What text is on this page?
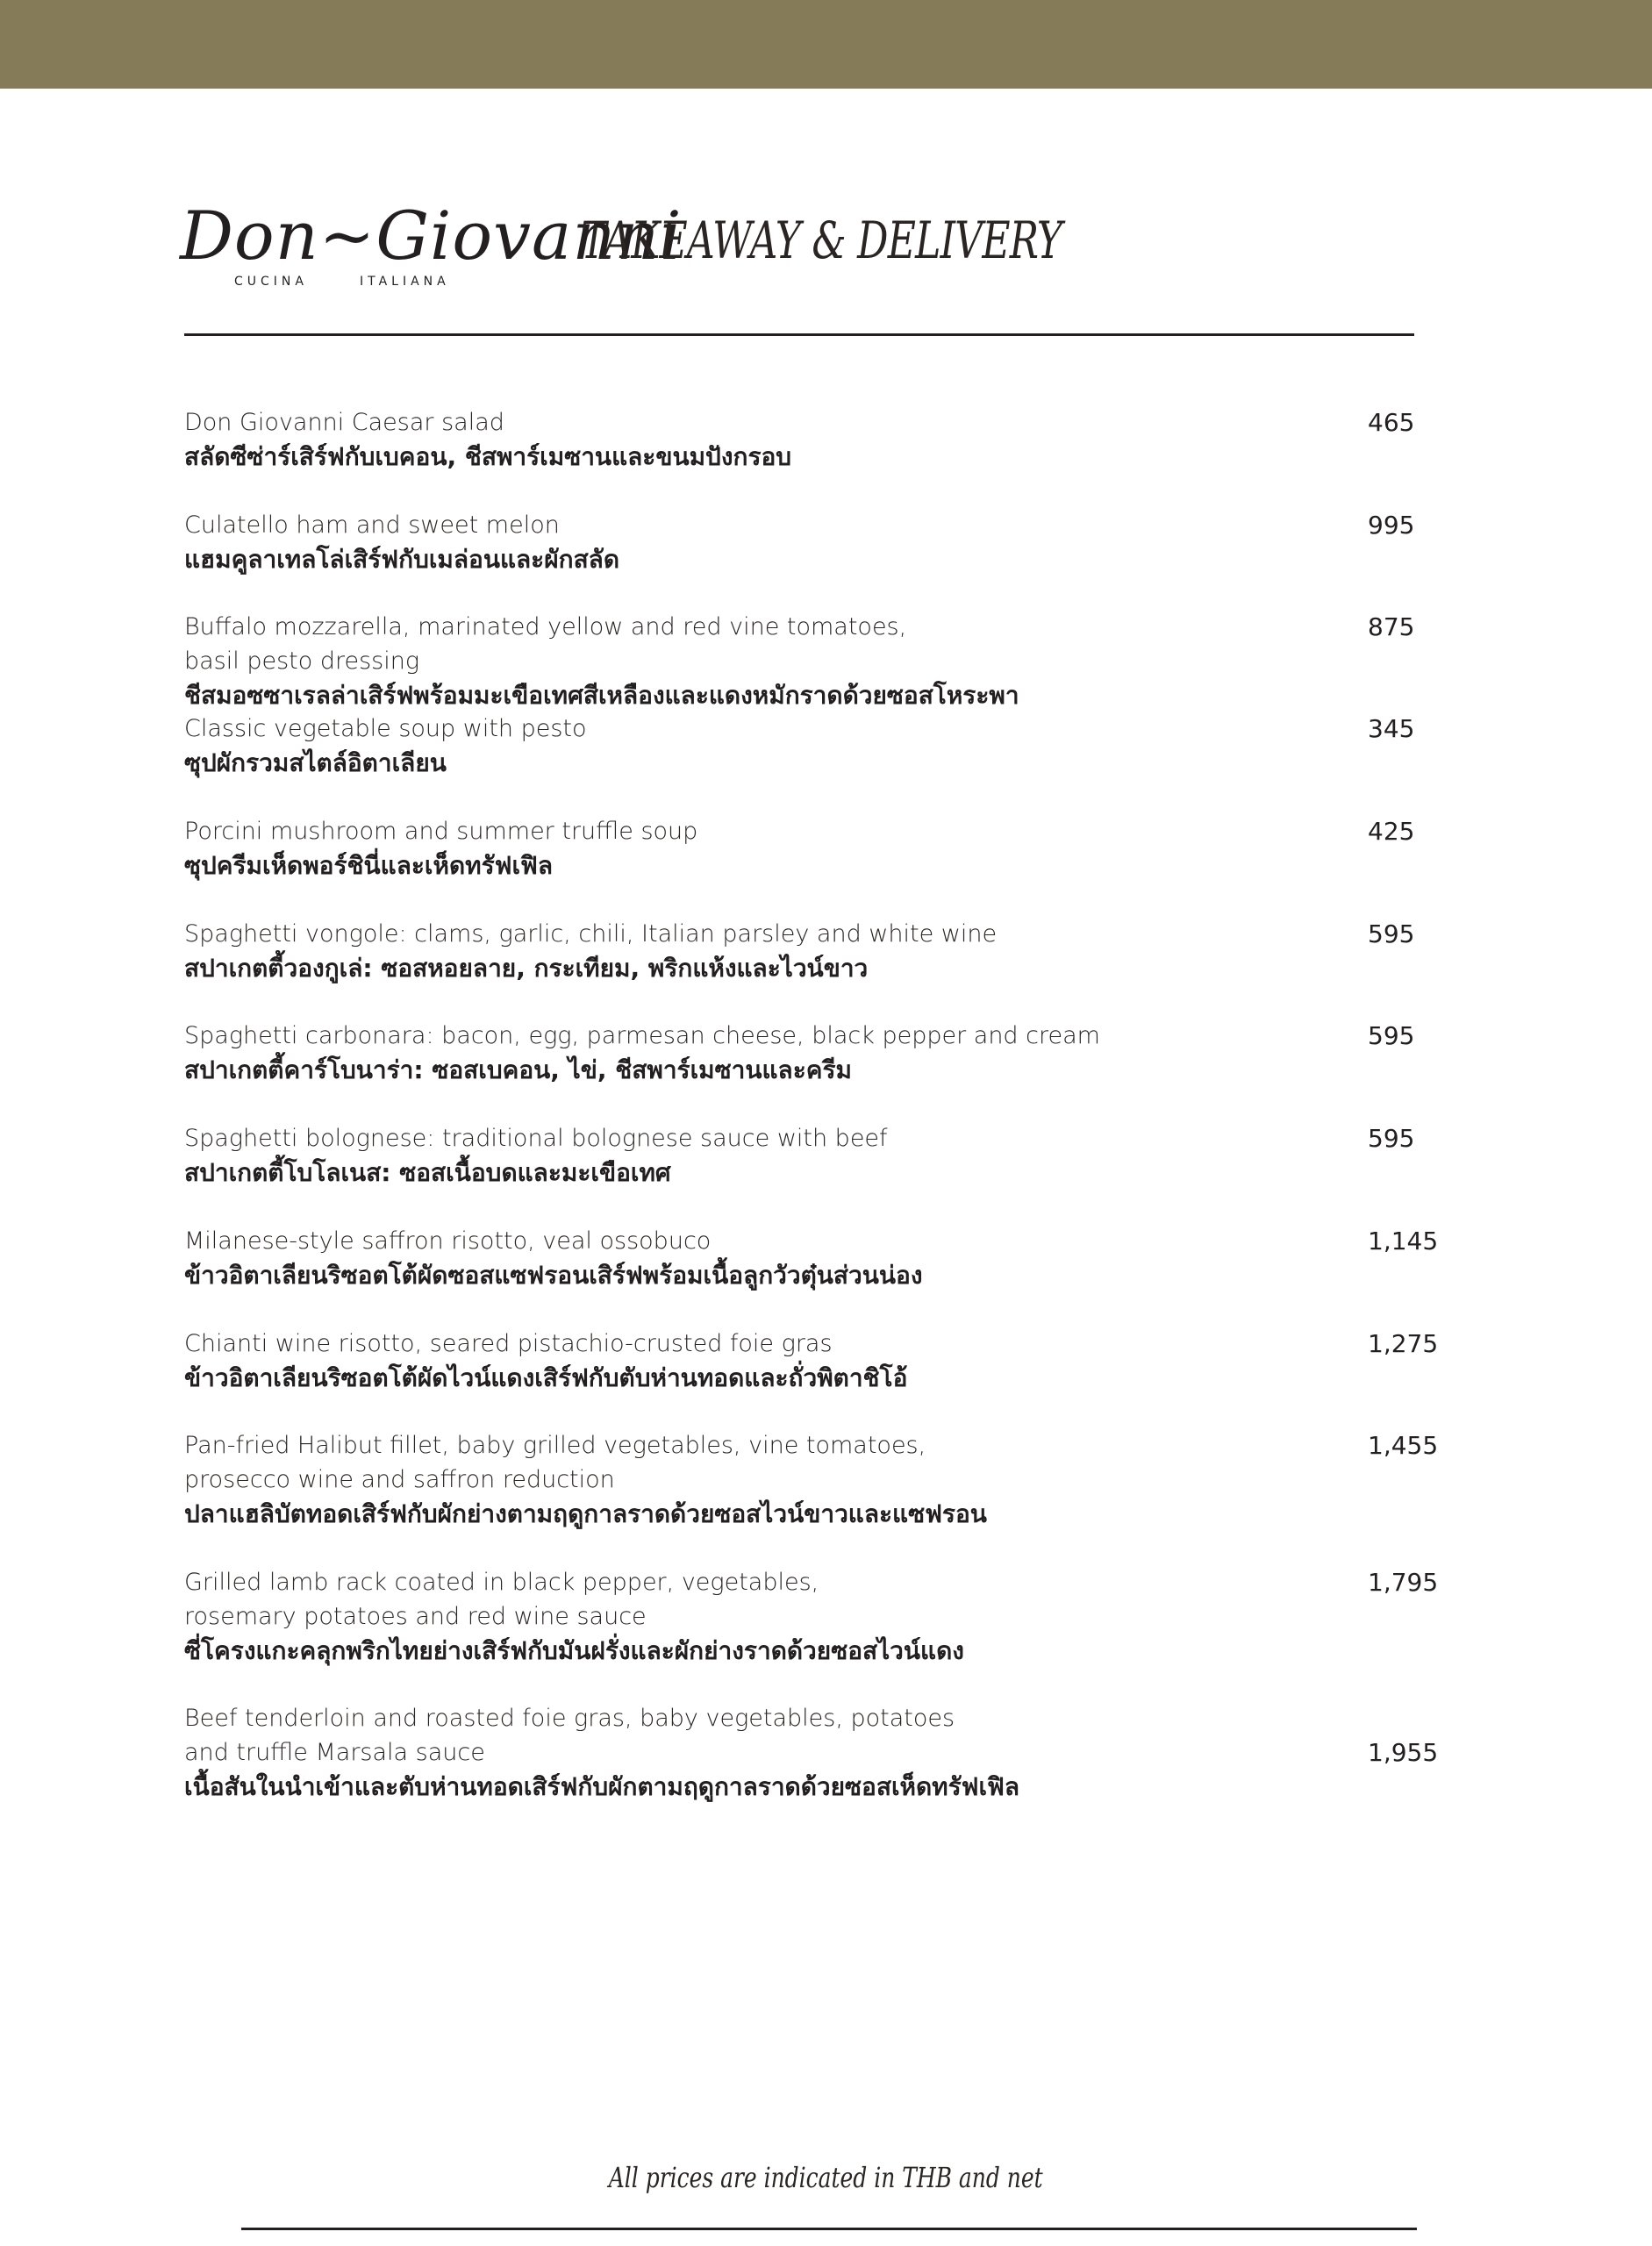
Don~Giovanni
CUCINA	ITALIANA
TAKEAWAY & DELIVERY
Don Giovanni Caesar salad
สลัดซีซ่าร์เสิร์ฟกับเบคอน, ชีสพาร์เมซานและขนมปังกรอบ
465
Culatello ham and sweet melon
แฮมคูลาเทลโล่เสิร์ฟกับเมล่อนและผักสลัด
995
Buffalo mozzarella, marinated yellow and red vine tomatoes,
basil pesto dressing
ชีสมอซซาเรลล่าเสิร์ฟพร้อมมะเขือเทศสีเหลืองและแดงหมักราดด้วยซอสโหระพา
875
Classic vegetable soup with pesto
ซุปผักรวมสไตล์อิตาเลียน
345
Porcini mushroom and summer truffle soup
ซุปครีมเห็ดพอร์ชินี่และเห็ดทรัฟเฟิล
425
Spaghetti vongole: clams, garlic, chili, Italian parsley and white wine
สปาเกตตี้วองกูเล่: ซอสหอยลาย, กระเทียม, พริกแห้งและไวน์ขาว
595
Spaghetti carbonara: bacon, egg, parmesan cheese, black pepper and cream
สปาเกตตี้คาร์โบนาร่า: ซอสเบคอน, ไข่, ชีสพาร์เมซานและครีม
595
Spaghetti bolognese: traditional bolognese sauce with beef
สปาเกตตี้โบโลเนส: ซอสเนื้อบดและมะเขือเทศ
595
Milanese-style saffron risotto, veal ossobuco
ข้าวอิตาเลียนริซอตโต้ผัดซอสแซฟรอนเสิร์ฟพร้อมเนื้อลูกวัวตุ๋นส่วนน่อง
1,145
Chianti wine risotto, seared pistachio-crusted foie gras
ข้าวอิตาเลียนริซอตโต้ผัดไวน์แดงเสิร์ฟกับตับห่านทอดและถั่วพิตาชิโอ้
1,275
Pan-fried Halibut fillet, baby grilled vegetables, vine tomatoes,
prosecco wine and saffron reduction
ปลาแฮลิบัตทอดเสิร์ฟกับผักย่างตามฤดูกาลราดด้วยซอสไวน์ขาวและแซฟรอน
1,455
Grilled lamb rack coated in black pepper, vegetables,
rosemary potatoes and red wine sauce
ซี่โครงแกะคลุกพริกไทยย่างเสิร์ฟกับมันฝรั่งและผักย่างราดด้วยซอสไวน์แดง
1,795
Beef tenderloin and roasted foie gras, baby vegetables, potatoes
and truffle Marsala sauce
เนื้อสันในนำเข้าและตับห่านทอดเสิร์ฟกับผักตามฤดูกาลราดด้วยซอสเห็ดทรัฟเฟิล
1,955
All prices are indicated in THB and net
